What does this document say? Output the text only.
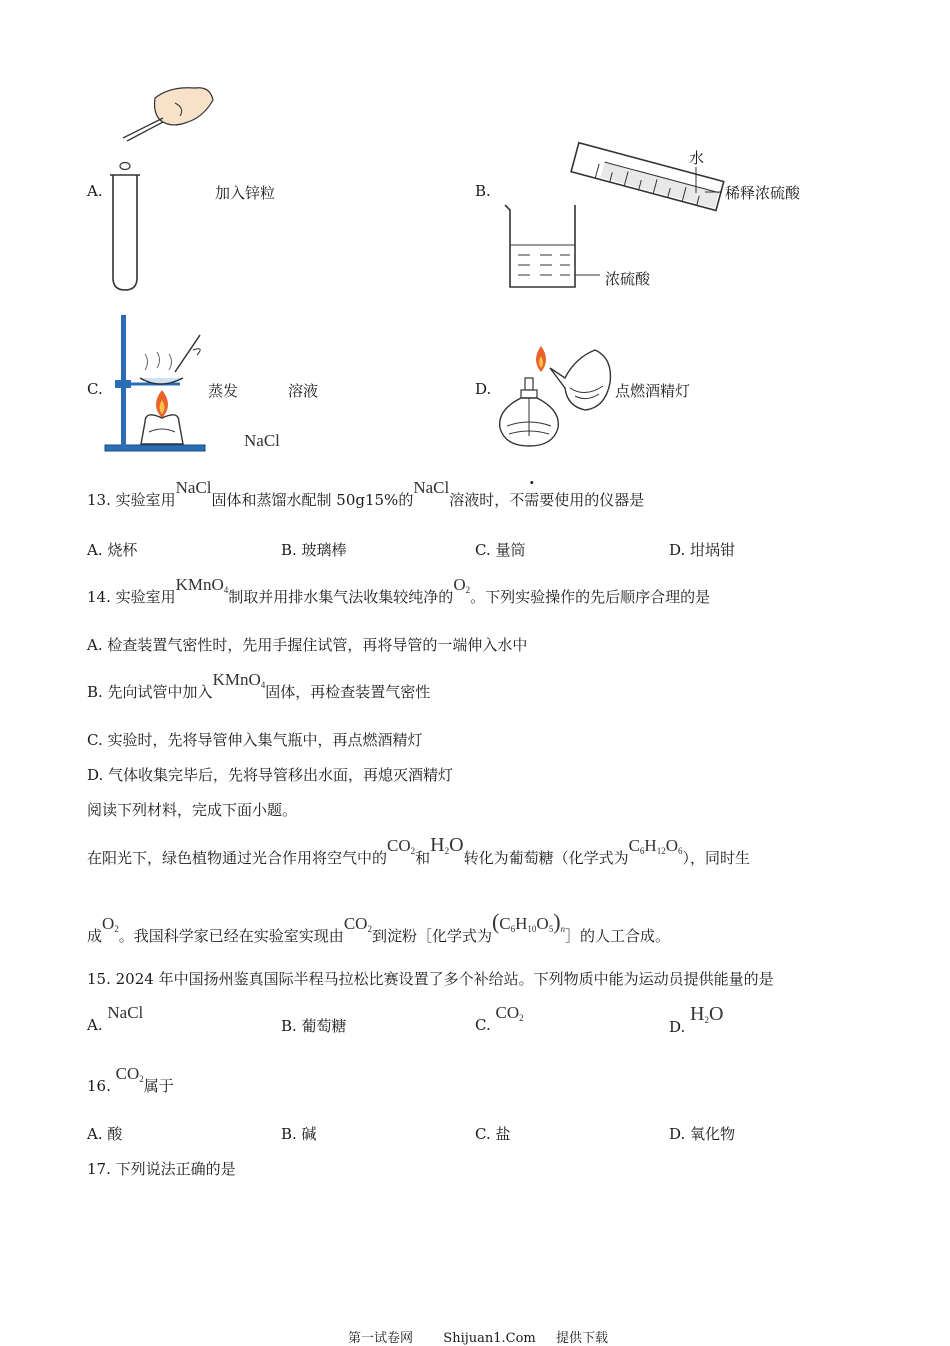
A.	加入锌粒	B.
水
稀释浓硫酸
浓硫酸
C.	蒸发	溶液
NaCl
D.	点燃酒精灯
13. 实验室用NaCl固体和蒸馏水配制 50g15%的NaCl溶液时，不需要使用的仪器是
A. 烧杯	B. 玻璃棒	C. 量筒	D. 坩埚钳
14. 实验室用KMnO$_4$制取并用排水集气法收集较纯净的$O_2$。下列实验操作的先后顺序合理的是
A. 检查装置气密性时，先用手握住试管，再将导管的一端伸入水中
B. 先向试管中加入KMnO$_4$固体，再检查装置气密性
C. 实验时，先将导管伸入集气瓶中，再点燃酒精灯
D. 气体收集完毕后，先将导管移出水面，再熄灭酒精灯
阅读下列材料，完成下面小题。
在阳光下，绿色植物通过光合作用将空气中的$CO_2$和$H_2O$转化为葡萄糖（化学式为$C_6H_{12}O_6$），同时生
成$O_2$。我国科学家已经在实验室实现由$CO_2$到淀粉［化学式为$(C_6H_{10}O_5)_n]$的人工合成。
15. 2024 年中国扬州鉴真国际半程马拉松比赛设置了多个补给站。下列物质中能为运动员提供能量的是
A. NaCl
B. 葡萄糖	C. $CO_2$	D. $H_2O$
16. $CO_2$属于
A. 酸	B. 碱	C. 盐	D. 氧化物
17. 下列说法正确的是
第一试卷网 Shijuan1.Com 提供下载
